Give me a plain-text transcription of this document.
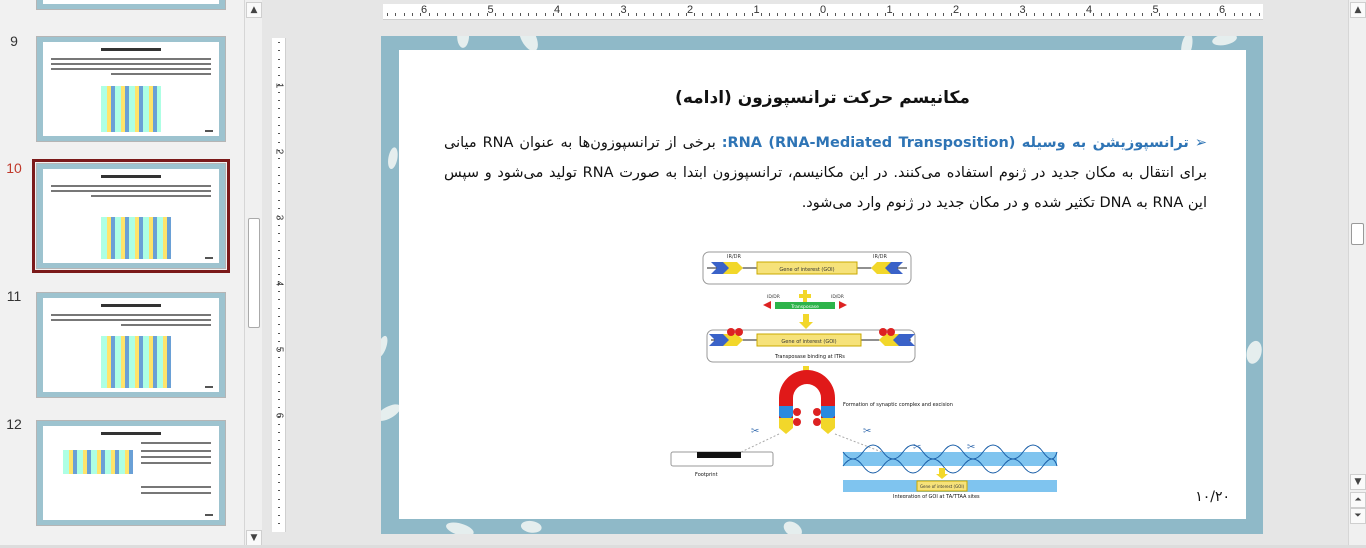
9
10
11
12
▲
▼
6	5	4	3	2	1	0	1	2	3	4	5	6
1
2
3
4
5
6
مکانیسم حرکت ترانسپوزون (ادامه)
➢ترانسپوزیشن به وسیله RNA (RNA-Mediated Transposition): برخی از ترانسپوزون‌ها به عنوان RNA میانی برای انتقال به مکان جدید در ژنوم استفاده می‌کنند. در این مکانیسم، ترانسپوزون ابتدا به صورت RNA تولید می‌شود و سپس این RNA به DNA تکثیر شده و در مکان جدید در ژنوم وارد می‌شود.
Gene of interest (GOI)
IR/DR	IR/DR
Transposase
ID/DR	ID/DR
Gene of interest (GOI)
Transposase binding at ITRs
Formation of synaptic complex and excision
✂	✂
Footprint
✂	✂
Gene of interest (GOI)
Integration of GOI at TA/TTAA sites	۱۰/۲۰
▲
▼
⏶
⏷
